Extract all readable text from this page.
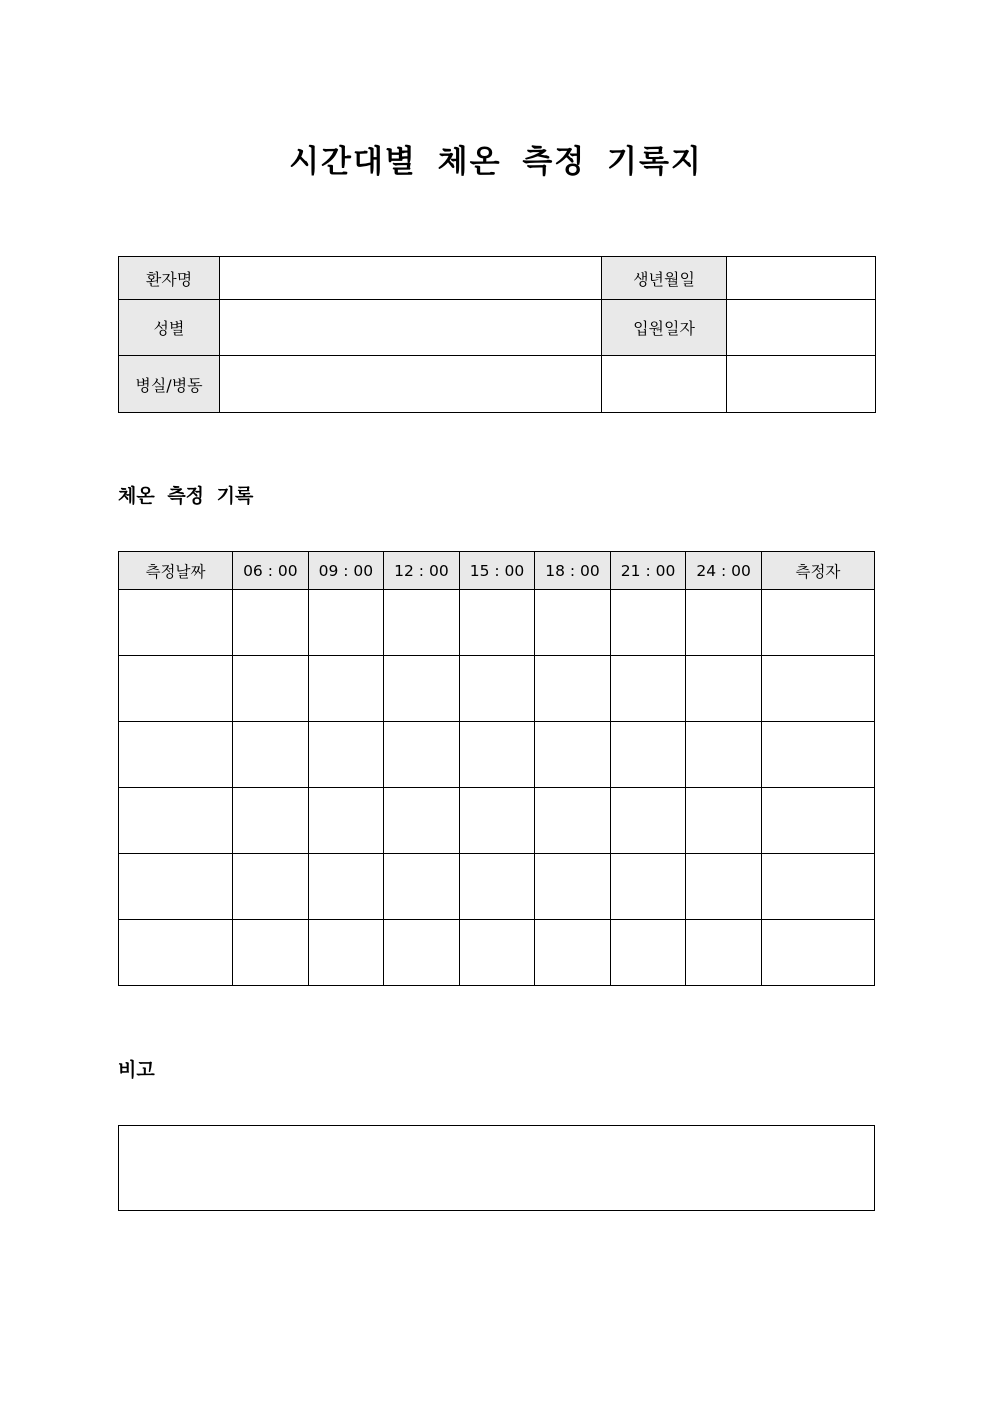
시간대별 체온 측정 기록지
환자명		생년월일	
성별		입원일자	
병실/병동			
체온 측정 기록
측정날짜	06 : 00	09 : 00	12 : 00	15 : 00	18 : 00	21 : 00	24 : 00	측정자

비고
